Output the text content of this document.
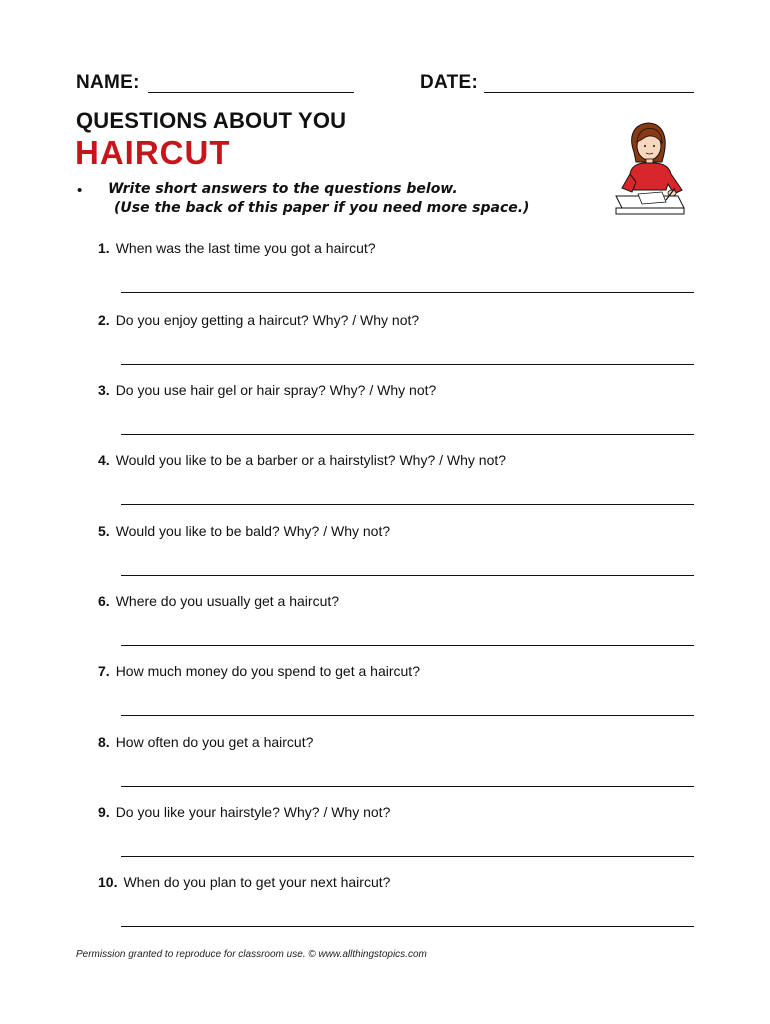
NAME:	DATE:
QUESTIONS ABOUT YOU
HAIRCUT
• Write short answers to the questions below.
(Use the back of this paper if you need more space.)
1. When was the last time you got a haircut?
2. Do you enjoy getting a haircut? Why? / Why not?
3. Do you use hair gel or hair spray? Why? / Why not?
4. Would you like to be a barber or a hairstylist? Why? / Why not?
5. Would you like to be bald? Why? / Why not?
6. Where do you usually get a haircut?
7. How much money do you spend to get a haircut?
8. How often do you get a haircut?
9. Do you like your hairstyle? Why? / Why not?
10. When do you plan to get your next haircut?
Permission granted to reproduce for classroom use. © www.allthingstopics.com
